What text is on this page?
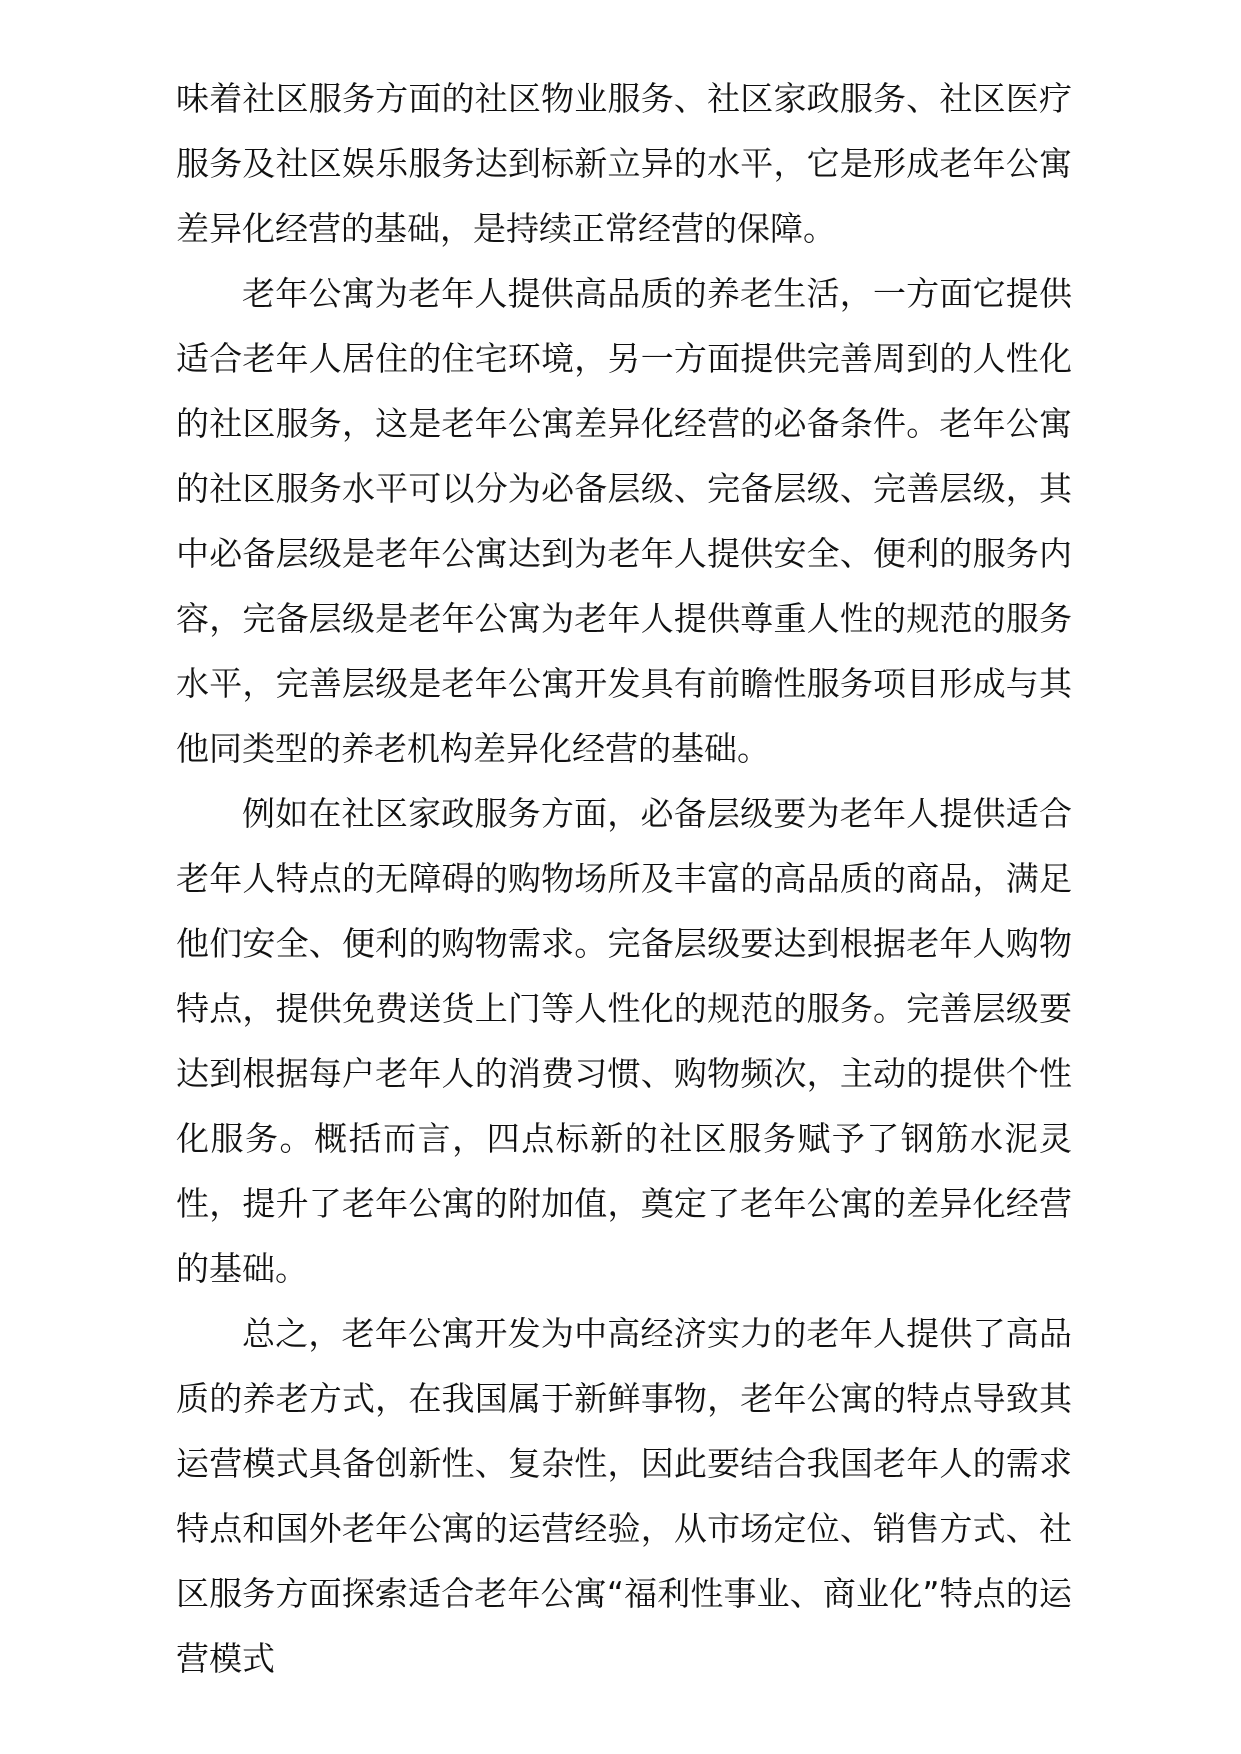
味着社区服务方面的社区物业服务、社区家政服务、社区医疗服务及社区娱乐服务达到标新立异的水平，它是形成老年公寓差异化经营的基础，是持续正常经营的保障。

老年公寓为老年人提供高品质的养老生活，一方面它提供适合老年人居住的住宅环境，另一方面提供完善周到的人性化的社区服务，这是老年公寓差异化经营的必备条件。老年公寓的社区服务水平可以分为必备层级、完备层级、完善层级，其中必备层级是老年公寓达到为老年人提供安全、便利的服务内容，完备层级是老年公寓为老年人提供尊重人性的规范的服务水平，完善层级是老年公寓开发具有前瞻性服务项目形成与其他同类型的养老机构差异化经营的基础。

例如在社区家政服务方面，必备层级要为老年人提供适合老年人特点的无障碍的购物场所及丰富的高品质的商品，满足他们安全、便利的购物需求。完备层级要达到根据老年人购物特点，提供免费送货上门等人性化的规范的服务。完善层级要达到根据每户老年人的消费习惯、购物频次，主动的提供个性化服务。概括而言，四点标新的社区服务赋予了钢筋水泥灵性，提升了老年公寓的附加值，奠定了老年公寓的差异化经营的基础。

总之，老年公寓开发为中高经济实力的老年人提供了高品质的养老方式，在我国属于新鲜事物，老年公寓的特点导致其运营模式具备创新性、复杂性，因此要结合我国老年人的需求特点和国外老年公寓的运营经验，从市场定位、销售方式、社区服务方面探索适合老年公寓“福利性事业、商业化”特点的运营模式
